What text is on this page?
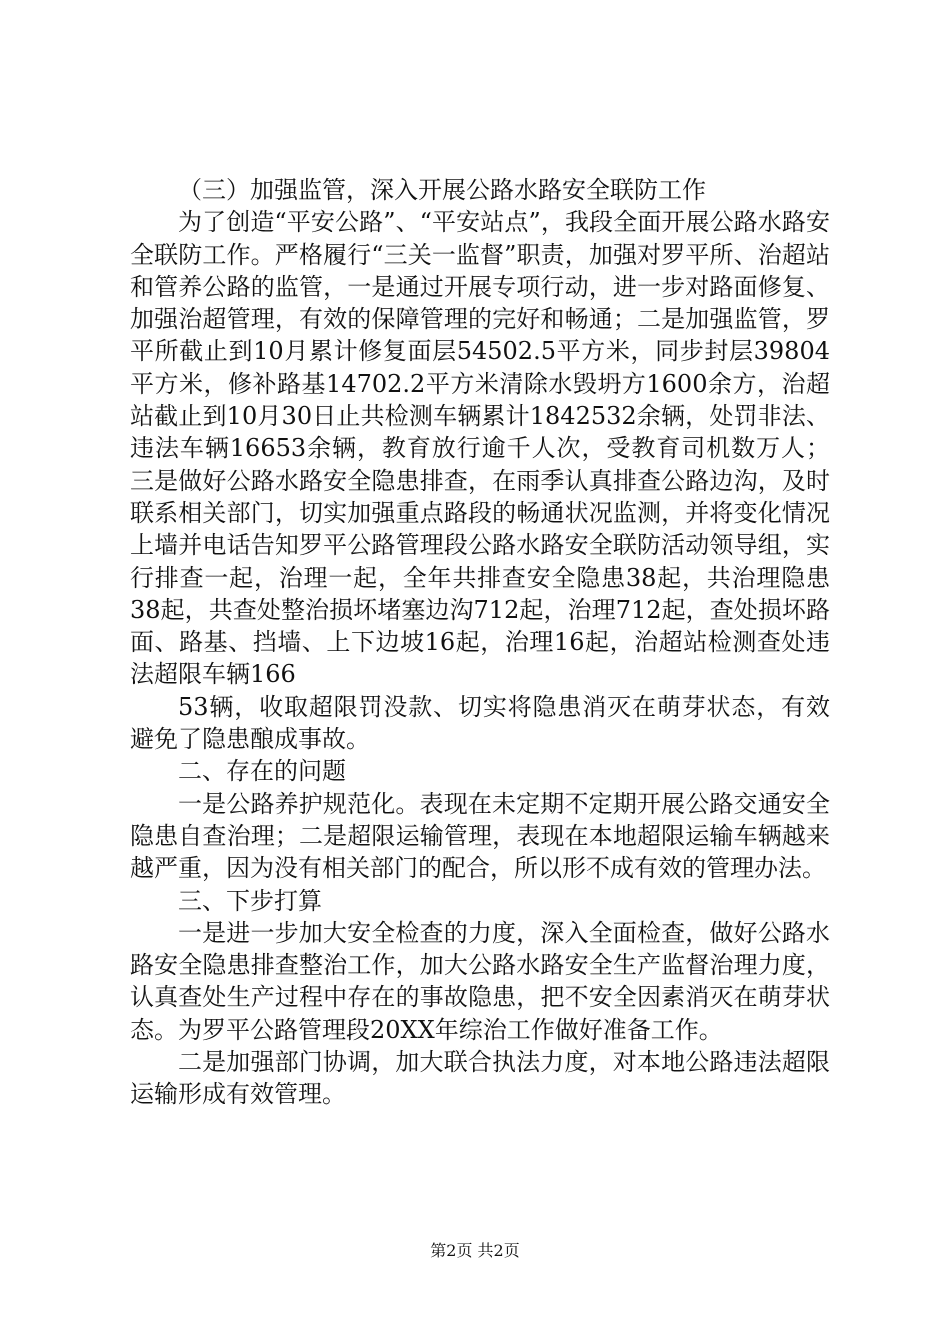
（三）加强监管，深入开展公路水路安全联防工作

为了创造“平安公路”、“平安站点”，我段全面开展公路水路安全联防工作。严格履行“三关一监督”职责，加强对罗平所、治超站和管养公路的监管，一是通过开展专项行动，进一步对路面修复、加强治超管理，有效的保障管理的完好和畅通；二是加强监管，罗平所截止到10月累计修复面层54502.5平方米，同步封层39804平方米，修补路基14702.2平方米清除水毁坍方1600余方，治超站截止到10月30日止共检测车辆累计1842532余辆，处罚非法、违法车辆16653余辆，教育放行逾千人次，受教育司机数万人；三是做好公路水路安全隐患排查，在雨季认真排查公路边沟，及时联系相关部门，切实加强重点路段的畅通状况监测，并将变化情况上墙并电话告知罗平公路管理段公路水路安全联防活动领导组，实行排查一起，治理一起，全年共排查安全隐患38起，共治理隐患38起，共查处整治损坏堵塞边沟712起，治理712起，查处损坏路面、路基、挡墙、上下边坡16起，治理16起，治超站检测查处违法超限车辆166

53辆，收取超限罚没款、切实将隐患消灭在萌芽状态，有效避免了隐患酿成事故。

二、存在的问题

一是公路养护规范化。表现在未定期不定期开展公路交通安全隐患自查治理；二是超限运输管理，表现在本地超限运输车辆越来越严重，因为没有相关部门的配合，所以形不成有效的管理办法。

三、下步打算

一是进一步加大安全检查的力度，深入全面检查，做好公路水路安全隐患排查整治工作，加大公路水路安全生产监督治理力度，认真查处生产过程中存在的事故隐患，把不安全因素消灭在萌芽状态。为罗平公路管理段20XX年综治工作做好准备工作。

二是加强部门协调，加大联合执法力度，对本地公路违法超限运输形成有效管理。

第2页 共2页
